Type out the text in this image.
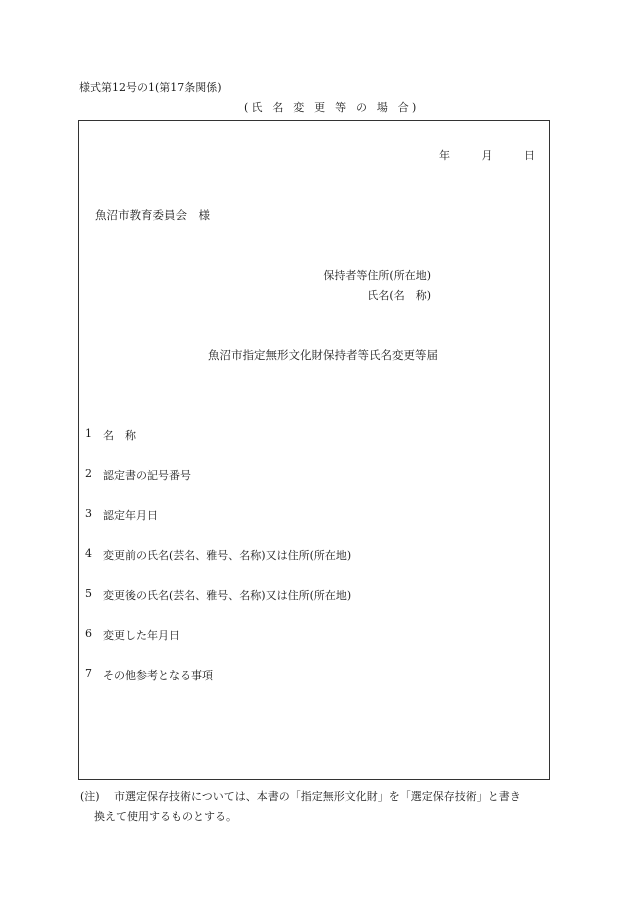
様式第12号の1(第17条関係)
(氏 名 変 更 等 の 場 合)
年	月	日
魚沼市教育委員会　様
保持者等住所(所在地)
氏名(名　称)
魚沼市指定無形文化財保持者等氏名変更等届
1	名　称
2	認定書の記号番号
3	認定年月日
4	変更前の氏名(芸名、雅号、名称)又は住所(所在地)
5	変更後の氏名(芸名、雅号、名称)又は住所(所在地)
6	変更した年月日
7	その他参考となる事項
(注) 市選定保存技術については、本書の「指定無形文化財」を「選定保存技術」と書き
換えて使用するものとする。
